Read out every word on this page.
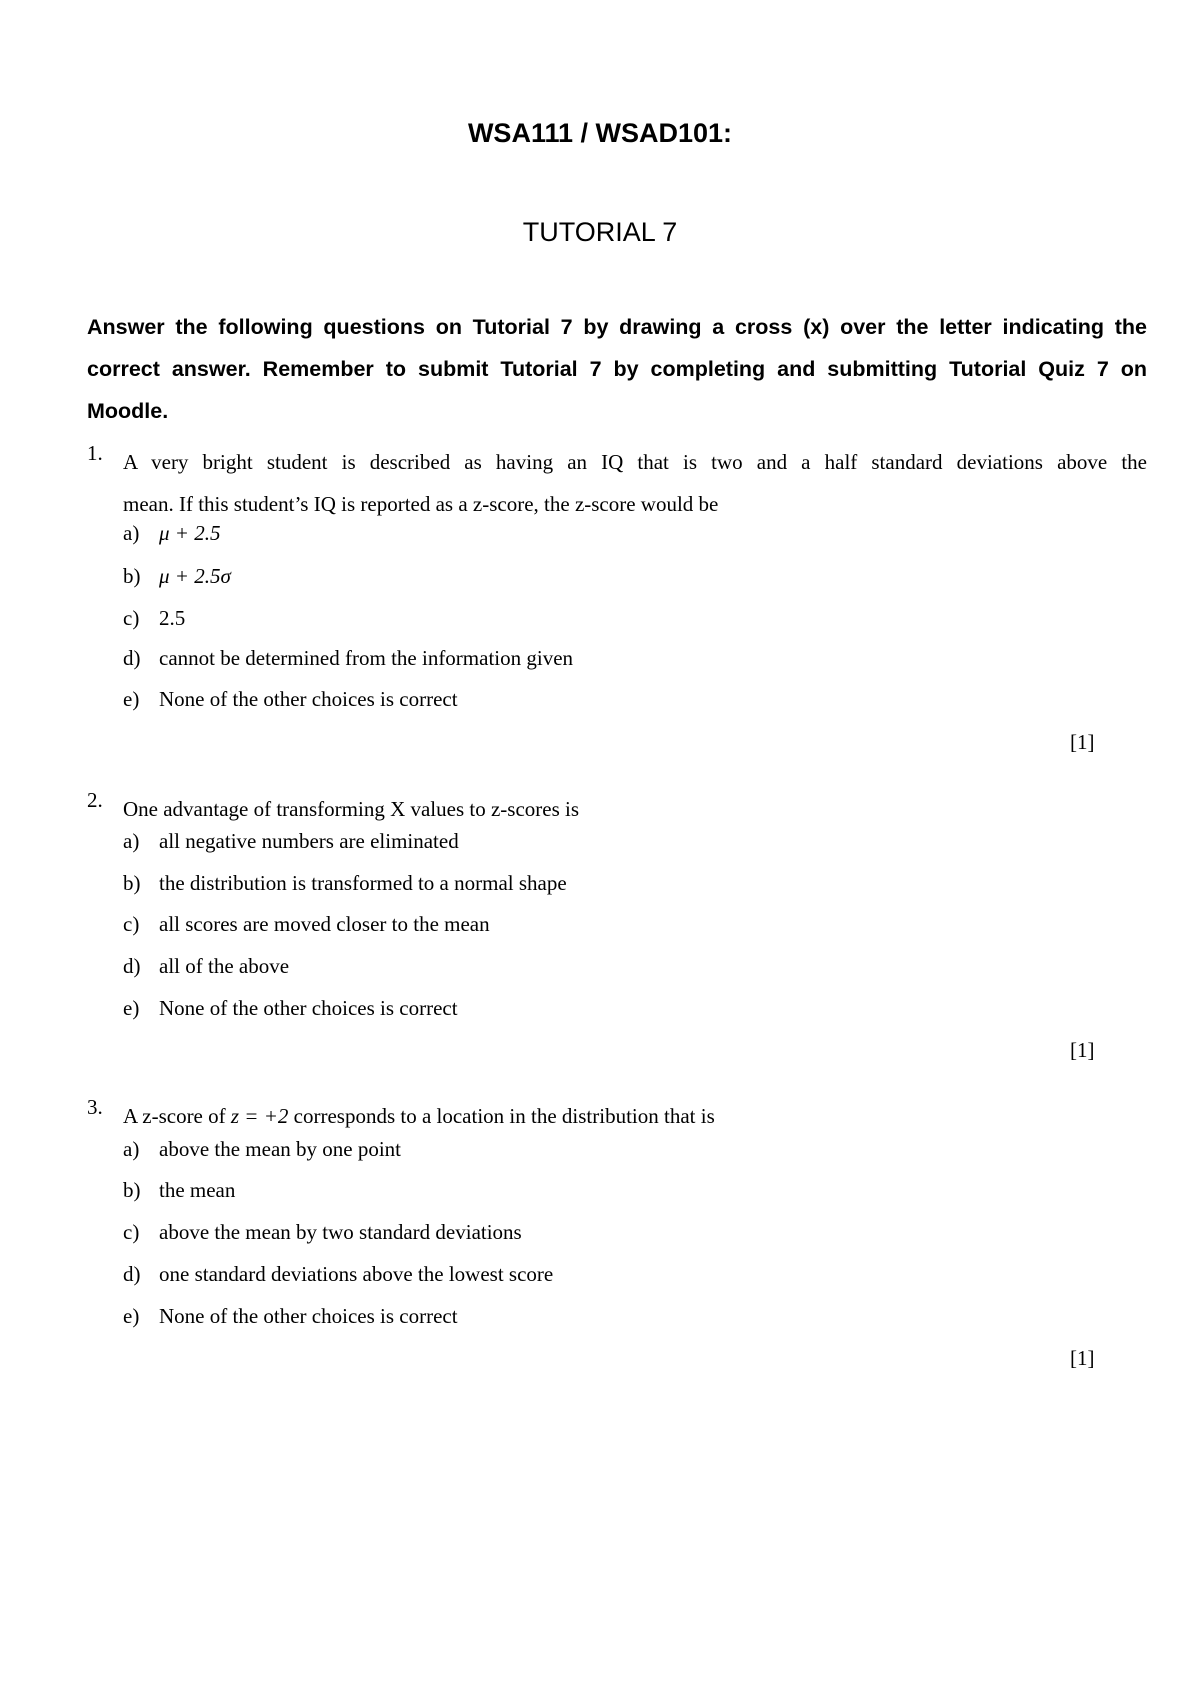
WSA111 / WSAD101:
TUTORIAL 7

Answer the following questions on Tutorial 7 by drawing a cross (x) over the letter indicating the correct answer. Remember to submit Tutorial 7 by completing and submitting Tutorial Quiz 7 on Moodle.

1. A very bright student is described as having an IQ that is two and a half standard deviations above the
mean. If this student’s IQ is reported as a z-score, the z-score would be

a) μ + 2.5
b) μ + 2.5σ
c) 2.5
d) cannot be determined from the information given
e) None of the other choices is correct
[1]
2. One advantage of transforming X values to z-scores is

a) all negative numbers are eliminated
b) the distribution is transformed to a normal shape
c) all scores are moved closer to the mean
d) all of the above
e) None of the other choices is correct
[1]
3. A z-score of z = +2 corresponds to a location in the distribution that is

a) above the mean by one point
b) the mean
c) above the mean by two standard deviations
d) one standard deviations above the lowest score
e) None of the other choices is correct
[1]
